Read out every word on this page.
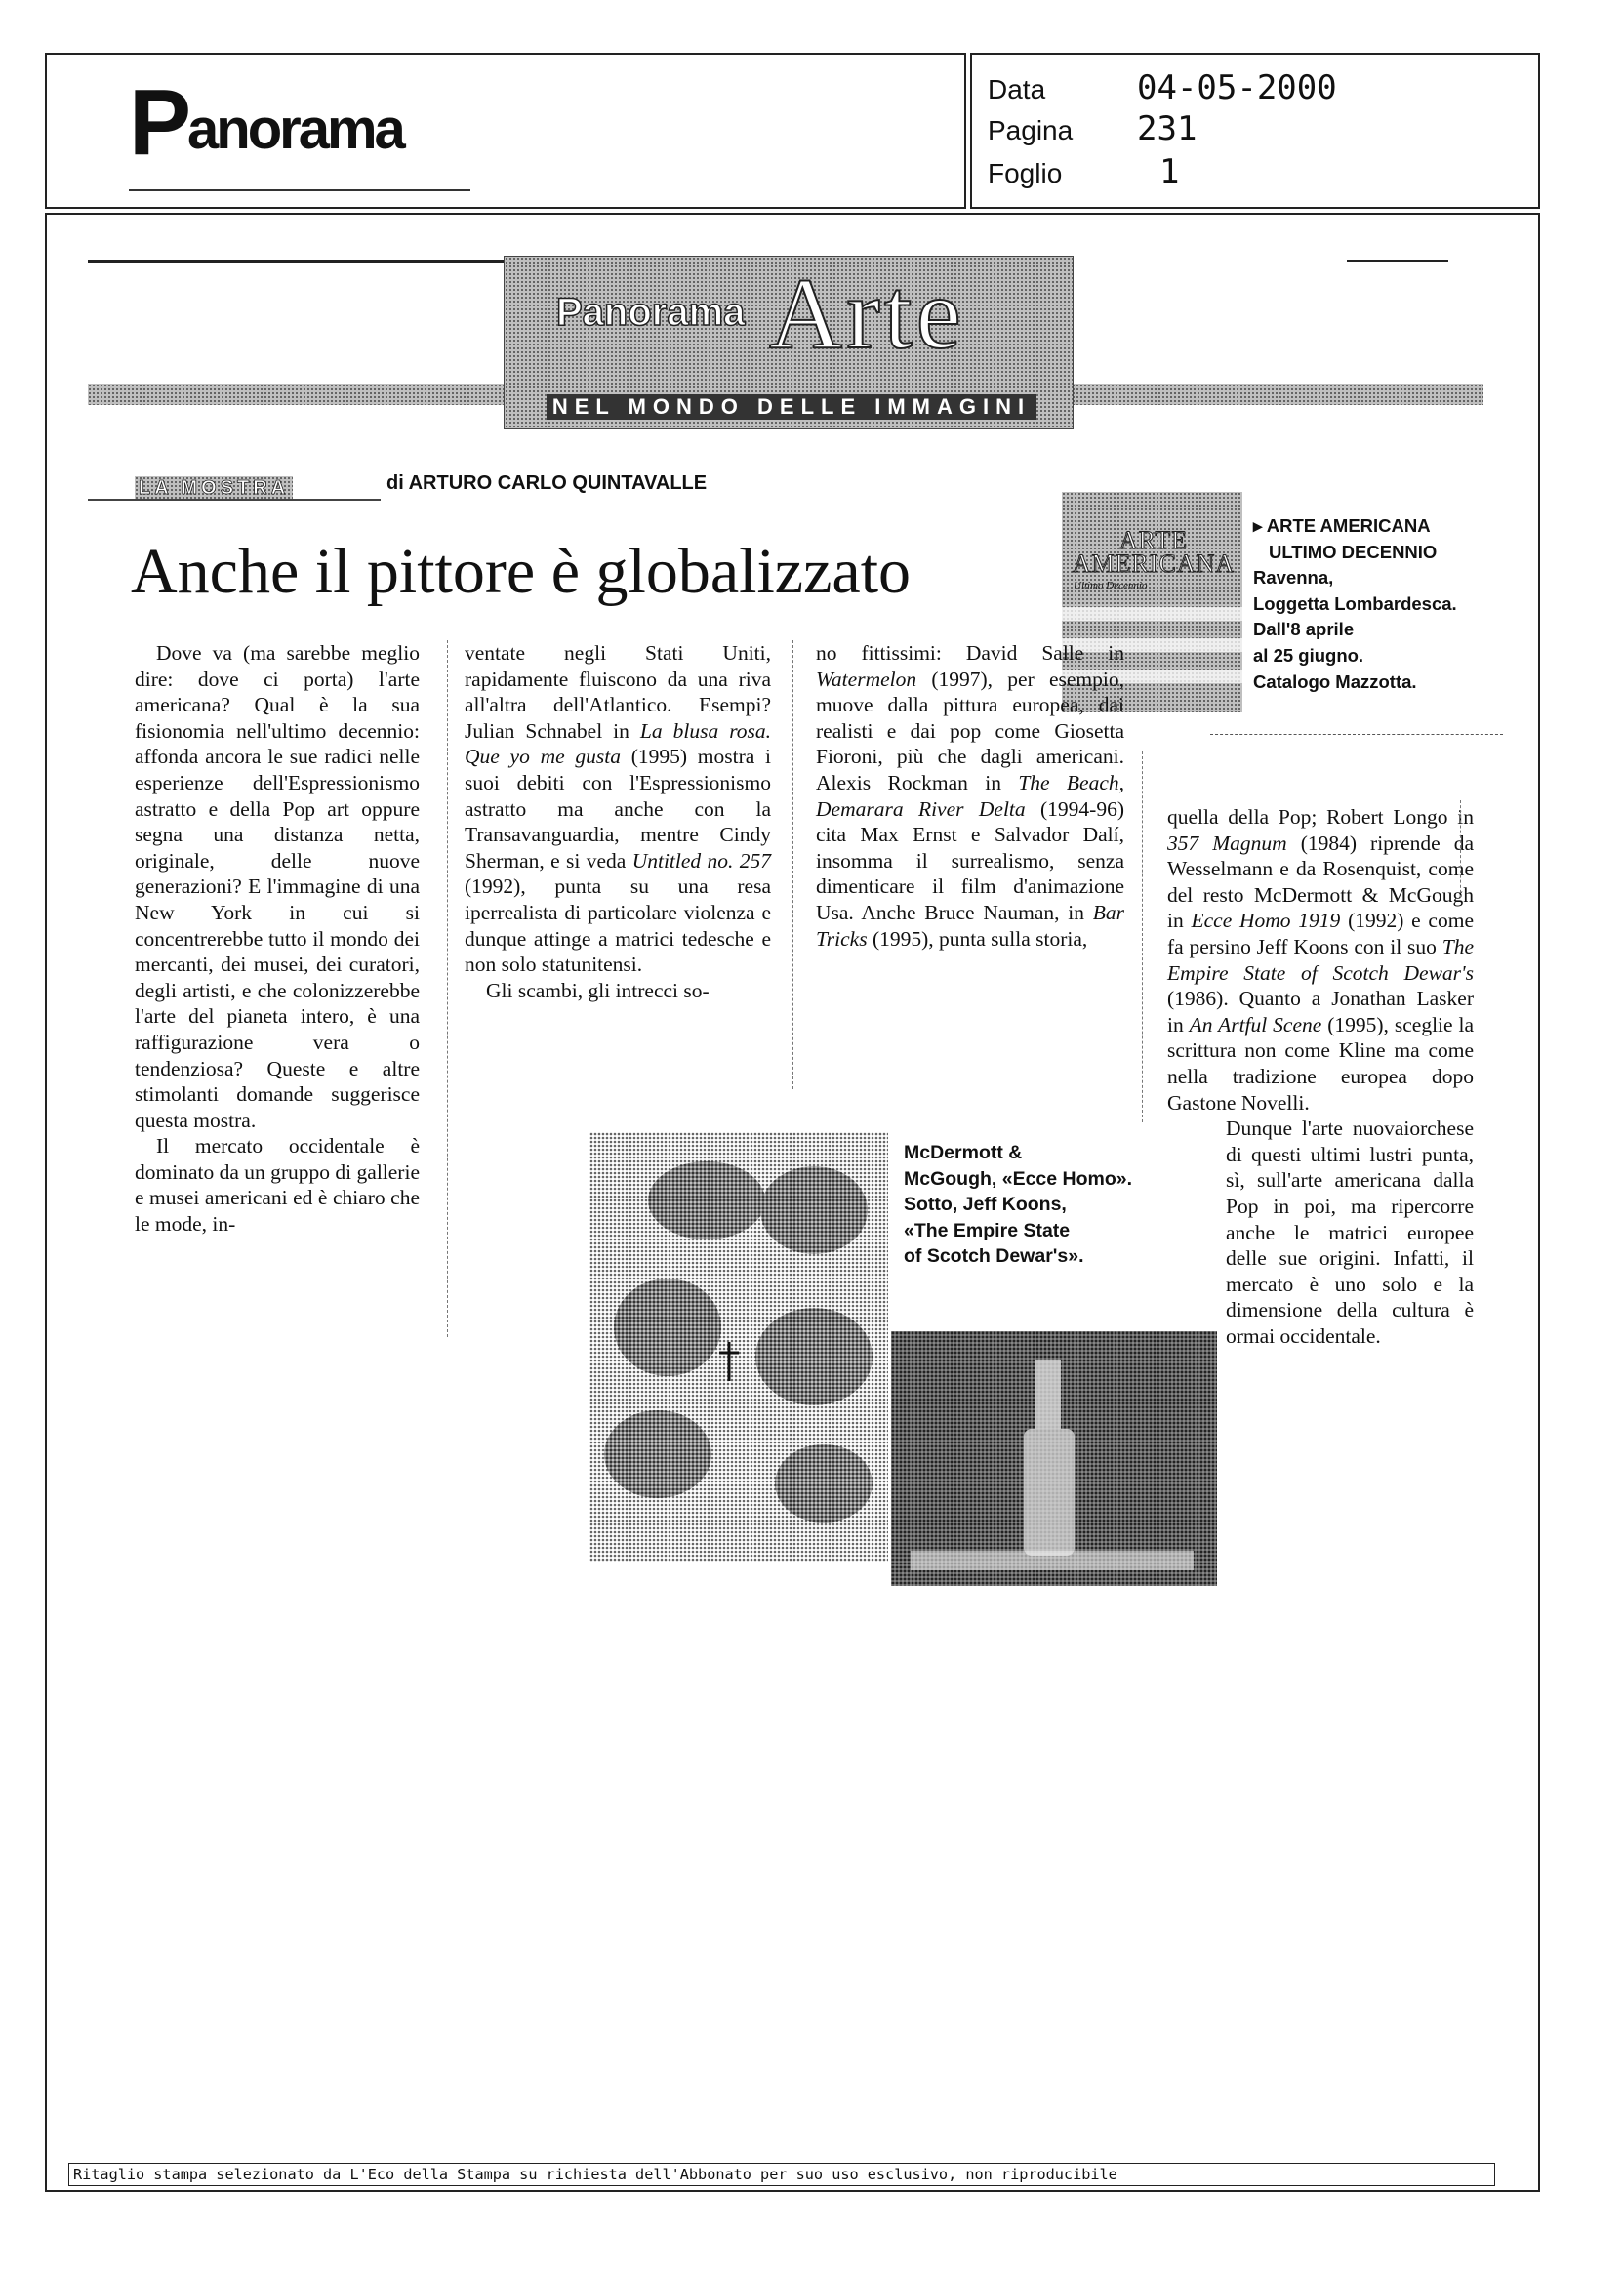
Panorama
Data	04-05-2000
Pagina 231
Foglio	1
Panorama Arte
NEL MONDO DELLE IMMAGINI
LA MOSTRA	di ARTURO CARLO QUINTAVALLE
Anche il pittore è globalizzato	ARTE
AMERICANA
Ultimo Decennio
▸ ARTE AMERICANA
ULTIMO DECENNIO
Ravenna,
Loggetta Lombardesca.
Dall'8 aprile
al 25 giugno.
Catalogo Mazzotta.

Dove va (ma sarebbe meglio dire: dove ci porta) l'arte americana? Qual è la sua fisionomia nell'ultimo decennio: affonda ancora le sue radici nelle esperienze dell'Espressionismo astratto e della Pop art oppure segna una distanza netta, originale, delle nuove generazioni? E l'immagine di una New York in cui si concentrerebbe tutto il mondo dei mercanti, dei musei, dei curatori, degli artisti, e che colonizzerebbe l'arte del pianeta intero, è una raffigurazione vera o tendenziosa? Queste e altre stimolanti domande suggerisce questa mostra.

Il mercato occidentale è dominato da un gruppo di gallerie e musei americani ed è chiaro che le mode, in-

ventate negli Stati Uniti, rapidamente fluiscono da una riva all'altra dell'Atlantico. Esempi? Julian Schnabel in La blusa rosa. Que yo me gusta (1995) mostra i suoi debiti con l'Espressionismo astratto ma anche con la Transavanguardia, mentre Cindy Sherman, e si veda Untitled no. 257 (1992), punta su una resa iperrealista di particolare violenza e dunque attinge a matrici tedesche e non solo statunitensi.

Gli scambi, gli intrecci so-

no fittissimi: David Salle in Watermelon (1997), per esempio, muove dalla pittura europea, dai realisti e dai pop come Giosetta Fioroni, più che dagli americani. Alexis Rockman in The Beach, Demarara River Delta (1994-96) cita Max Ernst e Salvador Dalí, insomma il surrealismo, senza dimenticare il film d'animazione Usa. Anche Bruce Nauman, in Bar Tricks (1995), punta sulla storia,

quella della Pop; Robert Longo in 357 Magnum (1984) riprende da Wesselmann e da Rosenquist, come del resto McDermott & McGough in Ecce Homo 1919 (1992) e come fa persino Jeff Koons con il suo The Empire State of Scotch Dewar's (1986). Quanto a Jonathan Lasker in An Artful Scene (1995), sceglie la scrittura non come Kline ma come nella tradizione europea dopo Gastone Novelli.

Dunque l'arte nuovaiorchese di questi ultimi lustri punta, sì, sull'arte americana dalla Pop in poi, ma ripercorre anche le matrici europee delle sue origini. Infatti, il mercato è uno solo e la dimensione della cultura è ormai occidentale.

McDermott &
McGough, «Ecce Homo».
Sotto, Jeff Koons,
«The Empire State
of Scotch Dewar's».
Ritaglio stampa selezionato da L'Eco della Stampa su richiesta dell'Abbonato per suo uso esclusivo, non riproducibile
